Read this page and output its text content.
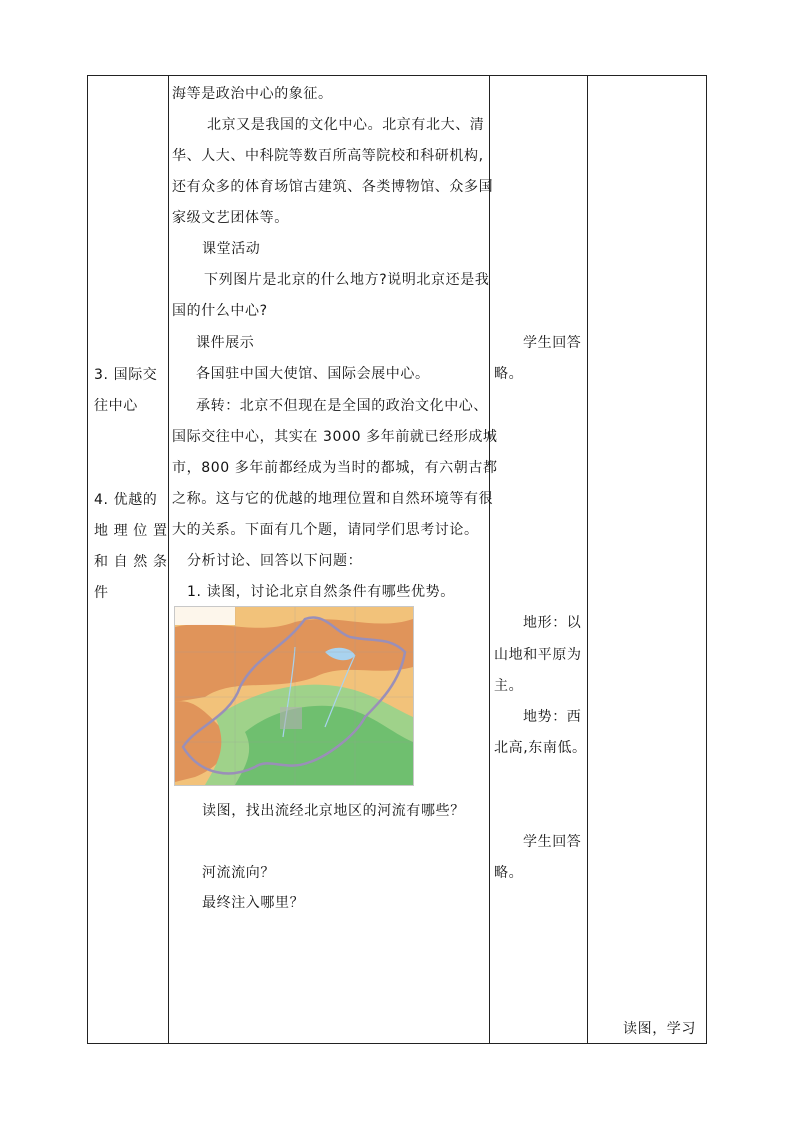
3. 国际交
往中心
4. 优越的
地 理 位 置
和 自 然 条
件
海等是政治中心的象征。
北京又是我国的文化中心。北京有北大、清
华、人大、中科院等数百所高等院校和科研机构,
还有众多的体育场馆古建筑、各类博物馆、众多国
家级文艺团体等。
课堂活动
下列图片是北京的什么地方?说明北京还是我
国的什么中心?
课件展示
各国驻中国大使馆、国际会展中心。
承转：北京不但现在是全国的政治文化中心、
国际交往中心，其实在 3000 多年前就已经形成城
市，800 多年前都经成为当时的都城，有六朝古都
之称。这与它的优越的地理位置和自然环境等有很
大的关系。下面有几个题，请同学们思考讨论。
分析讨论、回答以下问题：
1. 读图，讨论北京自然条件有哪些优势。
读图，找出流经北京地区的河流有哪些？
河流流向？
最终注入哪里？
学生回答
略。
地形：以
山地和平原为
主。
地势：西
北高,东南低。
学生回答
略。
读图，学习
